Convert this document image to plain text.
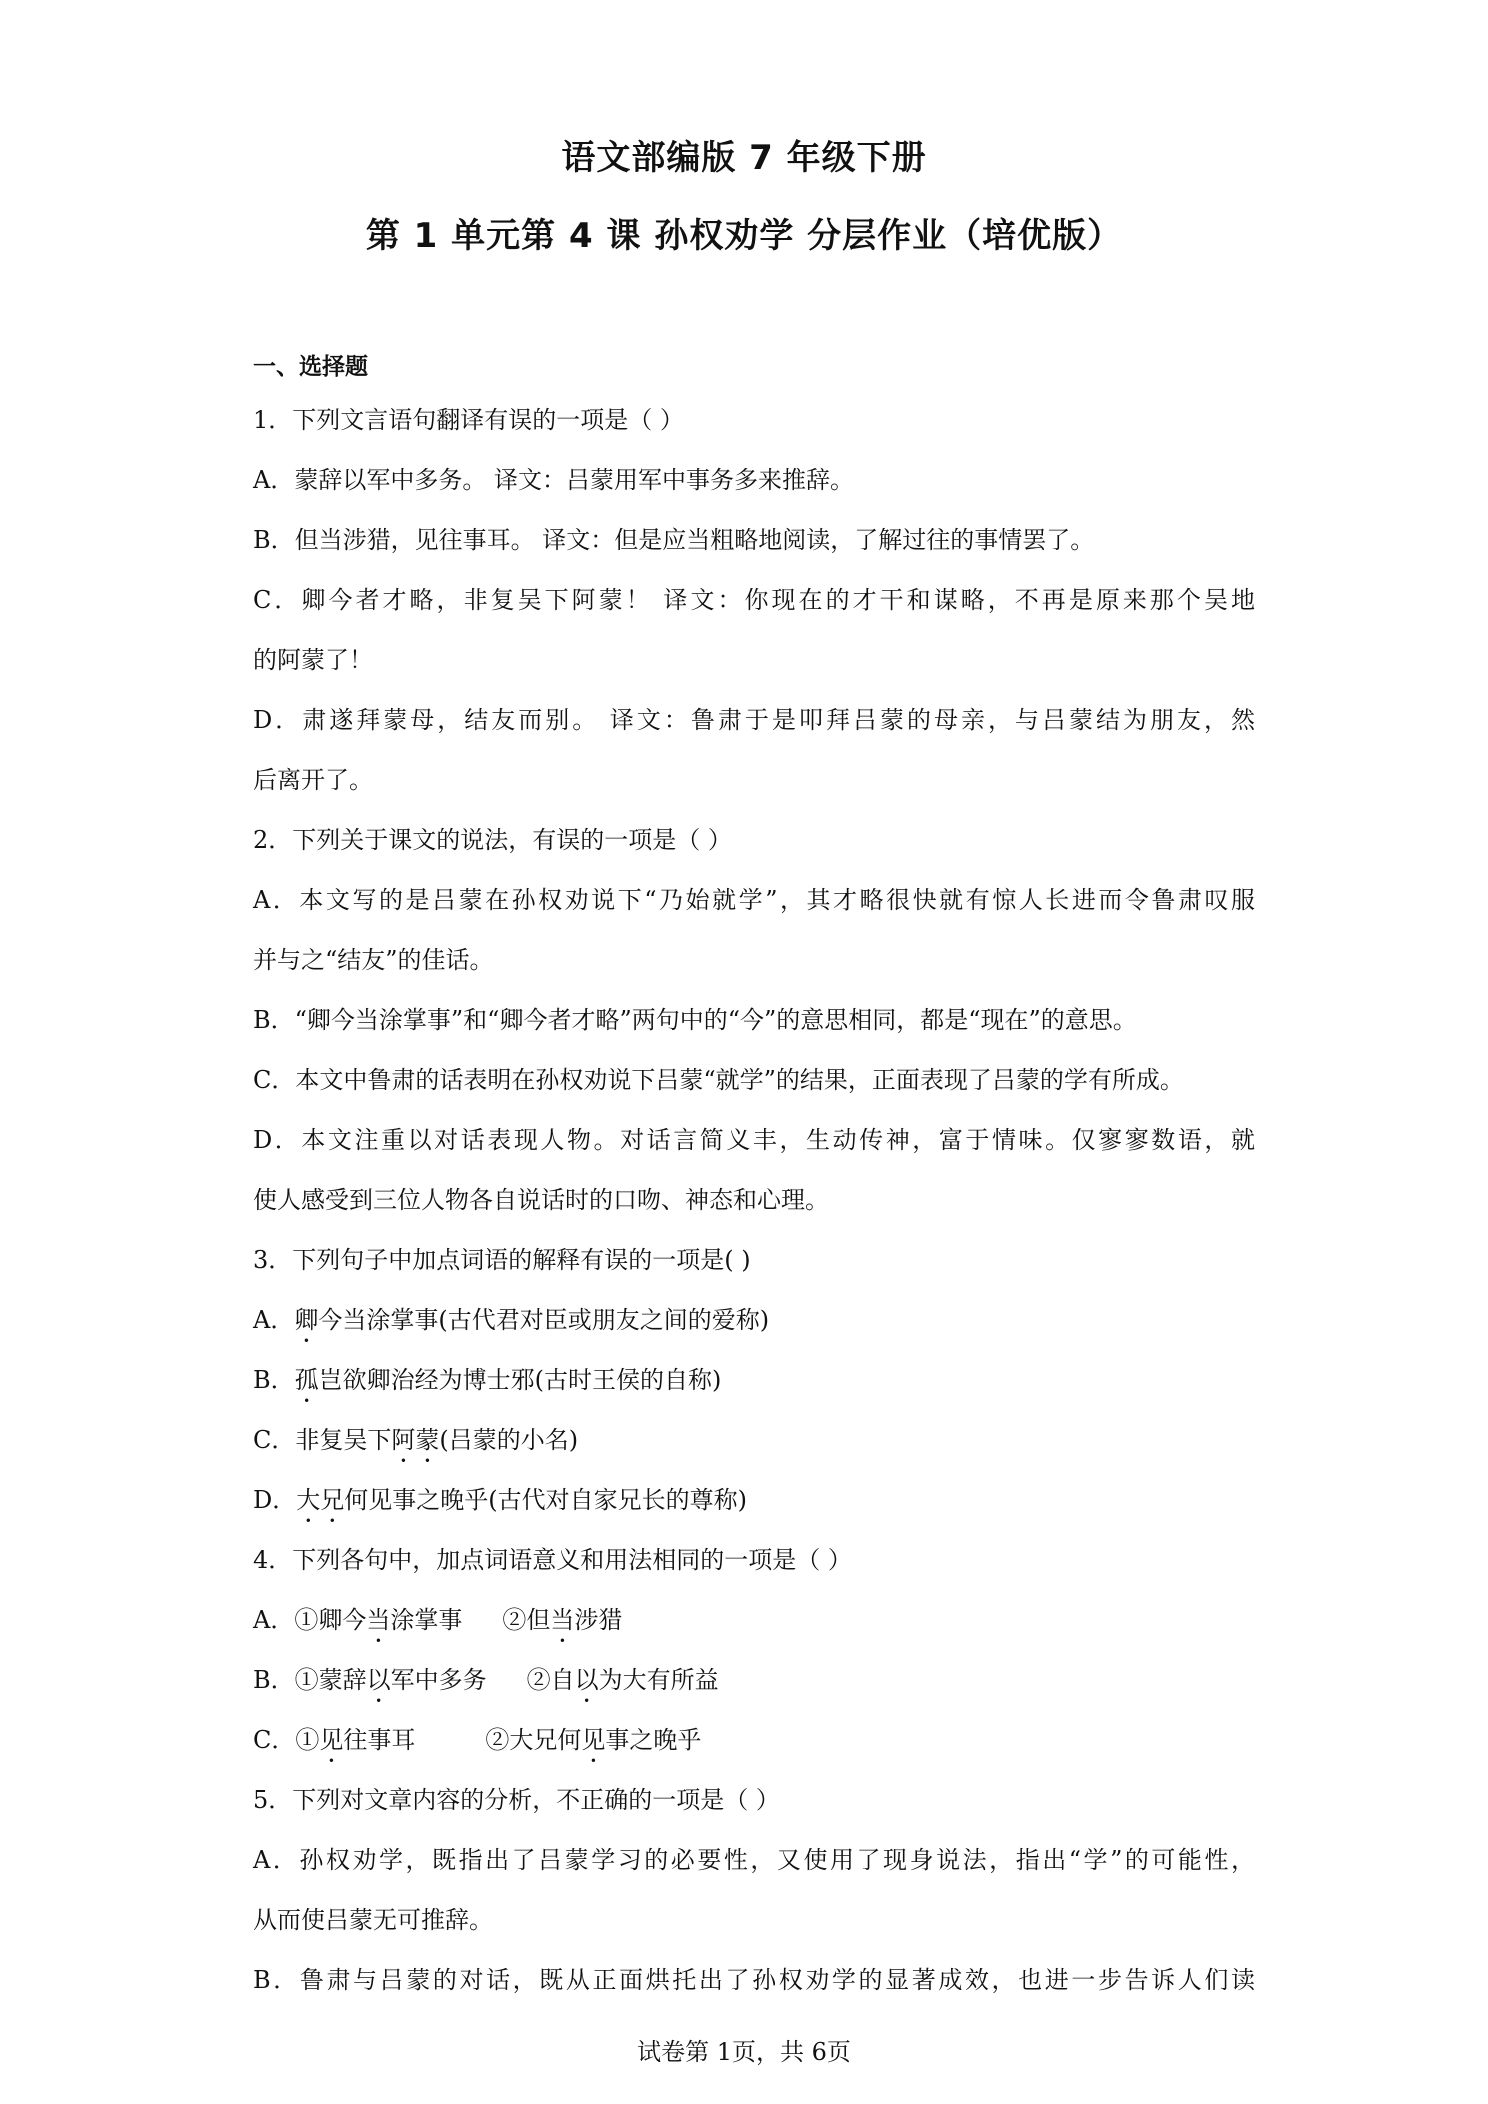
语文部编版 7 年级下册
第 1 单元第 4 课 孙权劝学 分层作业（培优版）
一、选择题
1．下列文言语句翻译有误的一项是（ ）
A．蒙辞以军中多务。 译文：吕蒙用军中事务多来推辞。
B．但当涉猎，见往事耳。 译文：但是应当粗略地阅读，了解过往的事情罢了。
C．卿今者才略，非复吴下阿蒙！ 译文：你现在的才干和谋略，不再是原来那个吴地
的阿蒙了！
D．肃遂拜蒙母，结友而别。 译文：鲁肃于是叩拜吕蒙的母亲，与吕蒙结为朋友，然
后离开了。
2．下列关于课文的说法，有误的一项是（ ）
A．本文写的是吕蒙在孙权劝说下“乃始就学”，其才略很快就有惊人长进而令鲁肃叹服
并与之“结友”的佳话。
B．“卿今当涂掌事”和“卿今者才略”两句中的“今”的意思相同，都是“现在”的意思。
C．本文中鲁肃的话表明在孙权劝说下吕蒙“就学”的结果，正面表现了吕蒙的学有所成。
D．本文注重以对话表现人物。对话言简义丰，生动传神，富于情味。仅寥寥数语，就
使人感受到三位人物各自说话时的口吻、神态和心理。
3．下列句子中加点词语的解释有误的一项是( )
A．卿今当涂掌事(古代君对臣或朋友之间的爱称)
B．孤岂欲卿治经为博士邪(古时王侯的自称)
C．非复吴下阿蒙(吕蒙的小名)
D．大兄何见事之晚乎(古代对自家兄长的尊称)
4．下列各句中，加点词语意义和用法相同的一项是（ ）
A．①卿今当涂掌事 ②但当涉猎
B．①蒙辞以军中多务 ②自以为大有所益
C．①见往事耳	②大兄何见事之晚乎
5．下列对文章内容的分析，不正确的一项是（ ）
A．孙权劝学，既指出了吕蒙学习的必要性，又使用了现身说法，指出“学”的可能性，
从而使吕蒙无可推辞。
B．鲁肃与吕蒙的对话，既从正面烘托出了孙权劝学的显著成效，也进一步告诉人们读
试卷第 1页，共 6页
